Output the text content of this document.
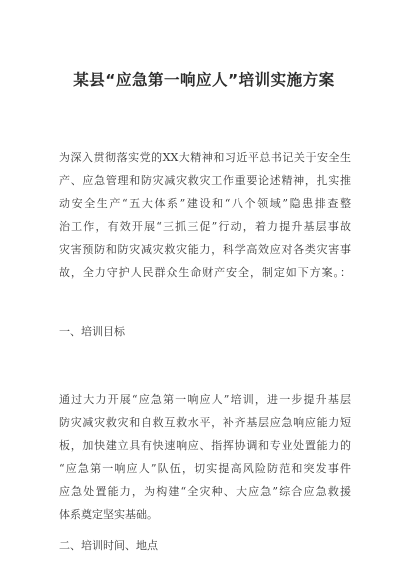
某县“应急第一响应人”培训实施方案
为深入贯彻落实党的XX大精神和习近平总书记关于安全生
产、应急管理和防灾减灾救灾工作重要论述精神，扎实推
动安全生产“五大体系”建设和“八个领域”隐患排查整
治工作，有效开展“三抓三促”行动，着力提升基层事故
灾害预防和防灾减灾救灾能力，科学高效应对各类灾害事
故，全力守护人民群众生命财产安全，制定如下方案。：
一、培训目标
通过大力开展“应急第一响应人”培训，进一步提升基层
防灾减灾救灾和自救互救水平，补齐基层应急响应能力短
板，加快建立具有快速响应、指挥协调和专业处置能力的
“应急第一响应人”队伍，切实提高风险防范和突发事件
应急处置能力，为构建“全灾种、大应急”综合应急救援
体系奠定坚实基础。
二、培训时间、地点
